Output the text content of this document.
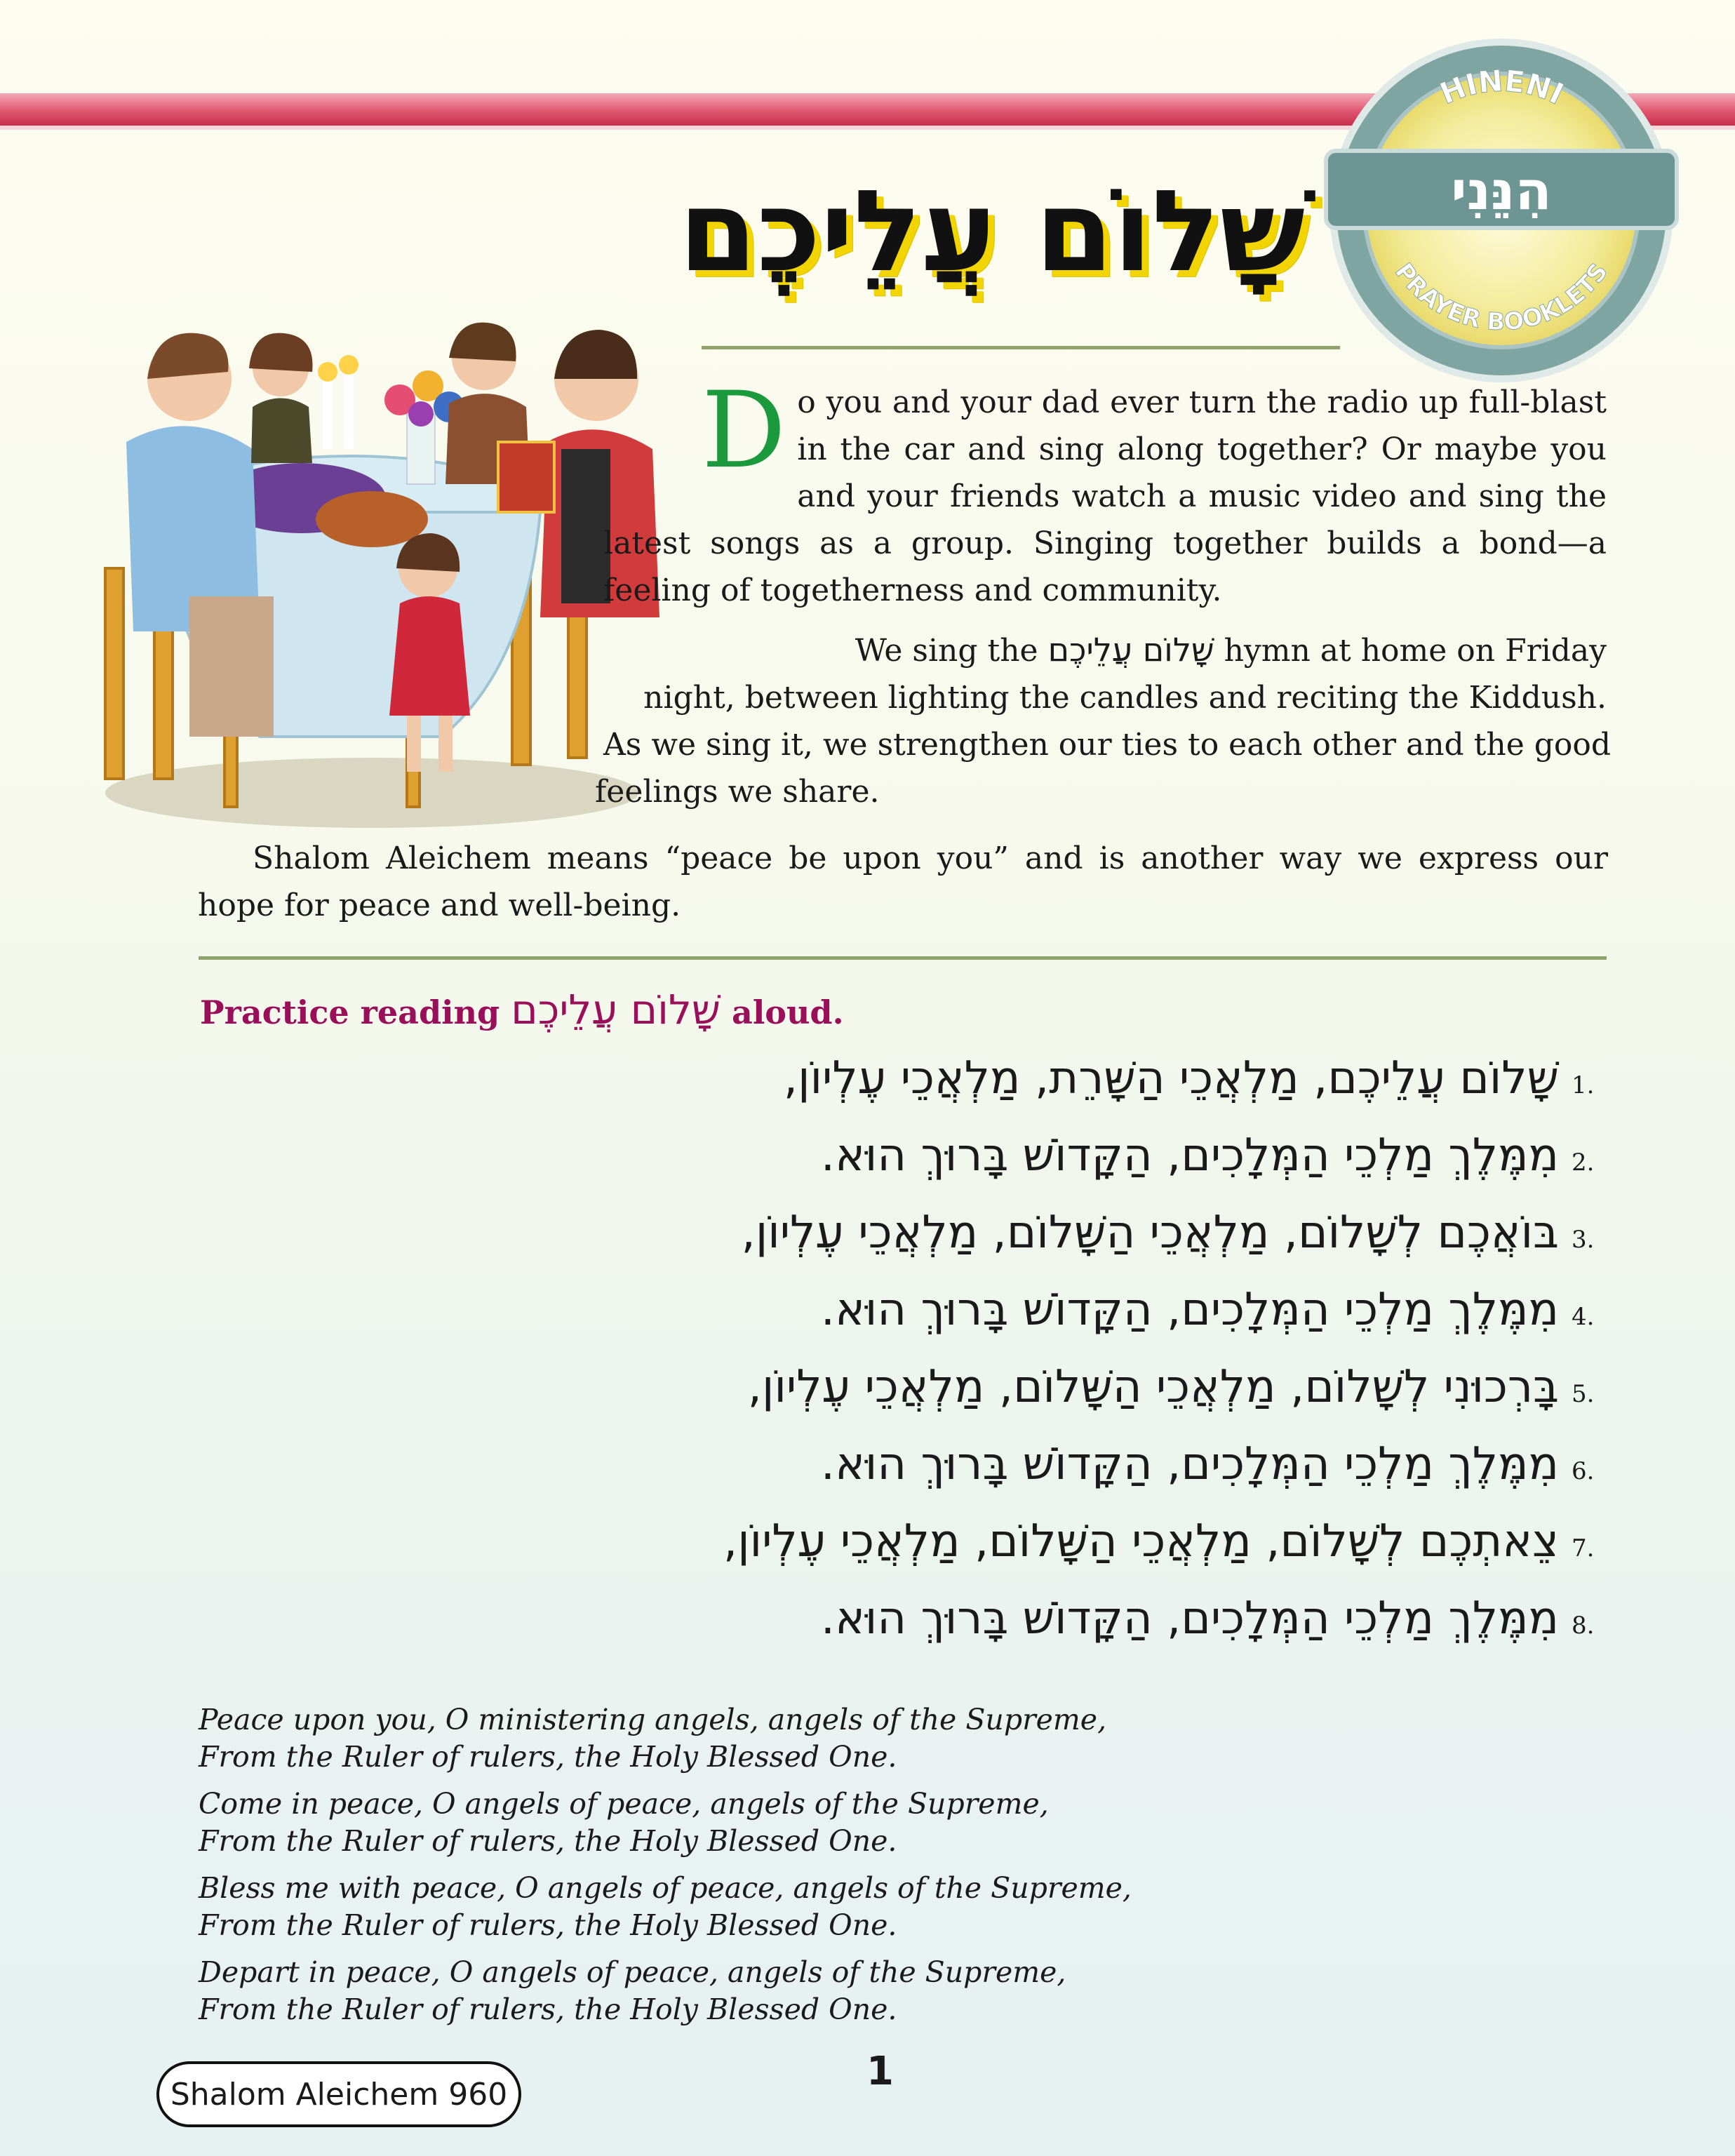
HINENI
PRAYER BOOKLETS
הִנֵּנִי
שָׁלוֹם עֲלֵיכֶם

D o you and your dad ever turn the radio up full-blast in the car and sing along together? Or maybe you and your friends watch a music video and sing the latest songs as a group. Singing together builds a bond—a feeling of togetherness and community.

We sing the שָׁלוֹם עֲלֵיכֶם hymn at home on Friday
night, between lighting the candles and reciting the Kiddush.
As we sing it, we strengthen our ties to each other and the good
feelings we share.
Shalom Aleichem means “peace be upon you” and is another way we express our hope for peace and well-being.
Practice reading שָׁלוֹם עֲלֵיכֶם aloud.
1.
שָׁלוֹם עֲלֵיכֶם, מַלְאֲכֵי הַשָּׁרֵת, מַלְאֲכֵי עֶלְיוֹן,
2.
מִמֶּלֶךְ מַלְכֵי הַמְּלָכִים, הַקָּדוֹשׁ בָּרוּךְ הוּא.
3.
בּוֹאֲכֶם לְשָׁלוֹם, מַלְאֲכֵי הַשָּׁלוֹם, מַלְאֲכֵי עֶלְיוֹן,
4.
מִמֶּלֶךְ מַלְכֵי הַמְּלָכִים, הַקָּדוֹשׁ בָּרוּךְ הוּא.
5.
בָּרְכוּנִי לְשָׁלוֹם, מַלְאֲכֵי הַשָּׁלוֹם, מַלְאֲכֵי עֶלְיוֹן,
6.
מִמֶּלֶךְ מַלְכֵי הַמְּלָכִים, הַקָּדוֹשׁ בָּרוּךְ הוּא.
7.
צֵאתְכֶם לְשָׁלוֹם, מַלְאֲכֵי הַשָּׁלוֹם, מַלְאֲכֵי עֶלְיוֹן,
8.
מִמֶּלֶךְ מַלְכֵי הַמְּלָכִים, הַקָּדוֹשׁ בָּרוּךְ הוּא.
Peace upon you, O ministering angels, angels of the Supreme,
From the Ruler of rulers, the Holy Blessed One.
Come in peace, O angels of peace, angels of the Supreme,
From the Ruler of rulers, the Holy Blessed One.
Bless me with peace, O angels of peace, angels of the Supreme,
From the Ruler of rulers, the Holy Blessed One.
Depart in peace, O angels of peace, angels of the Supreme,
From the Ruler of rulers, the Holy Blessed One.
1
Shalom Aleichem 960
